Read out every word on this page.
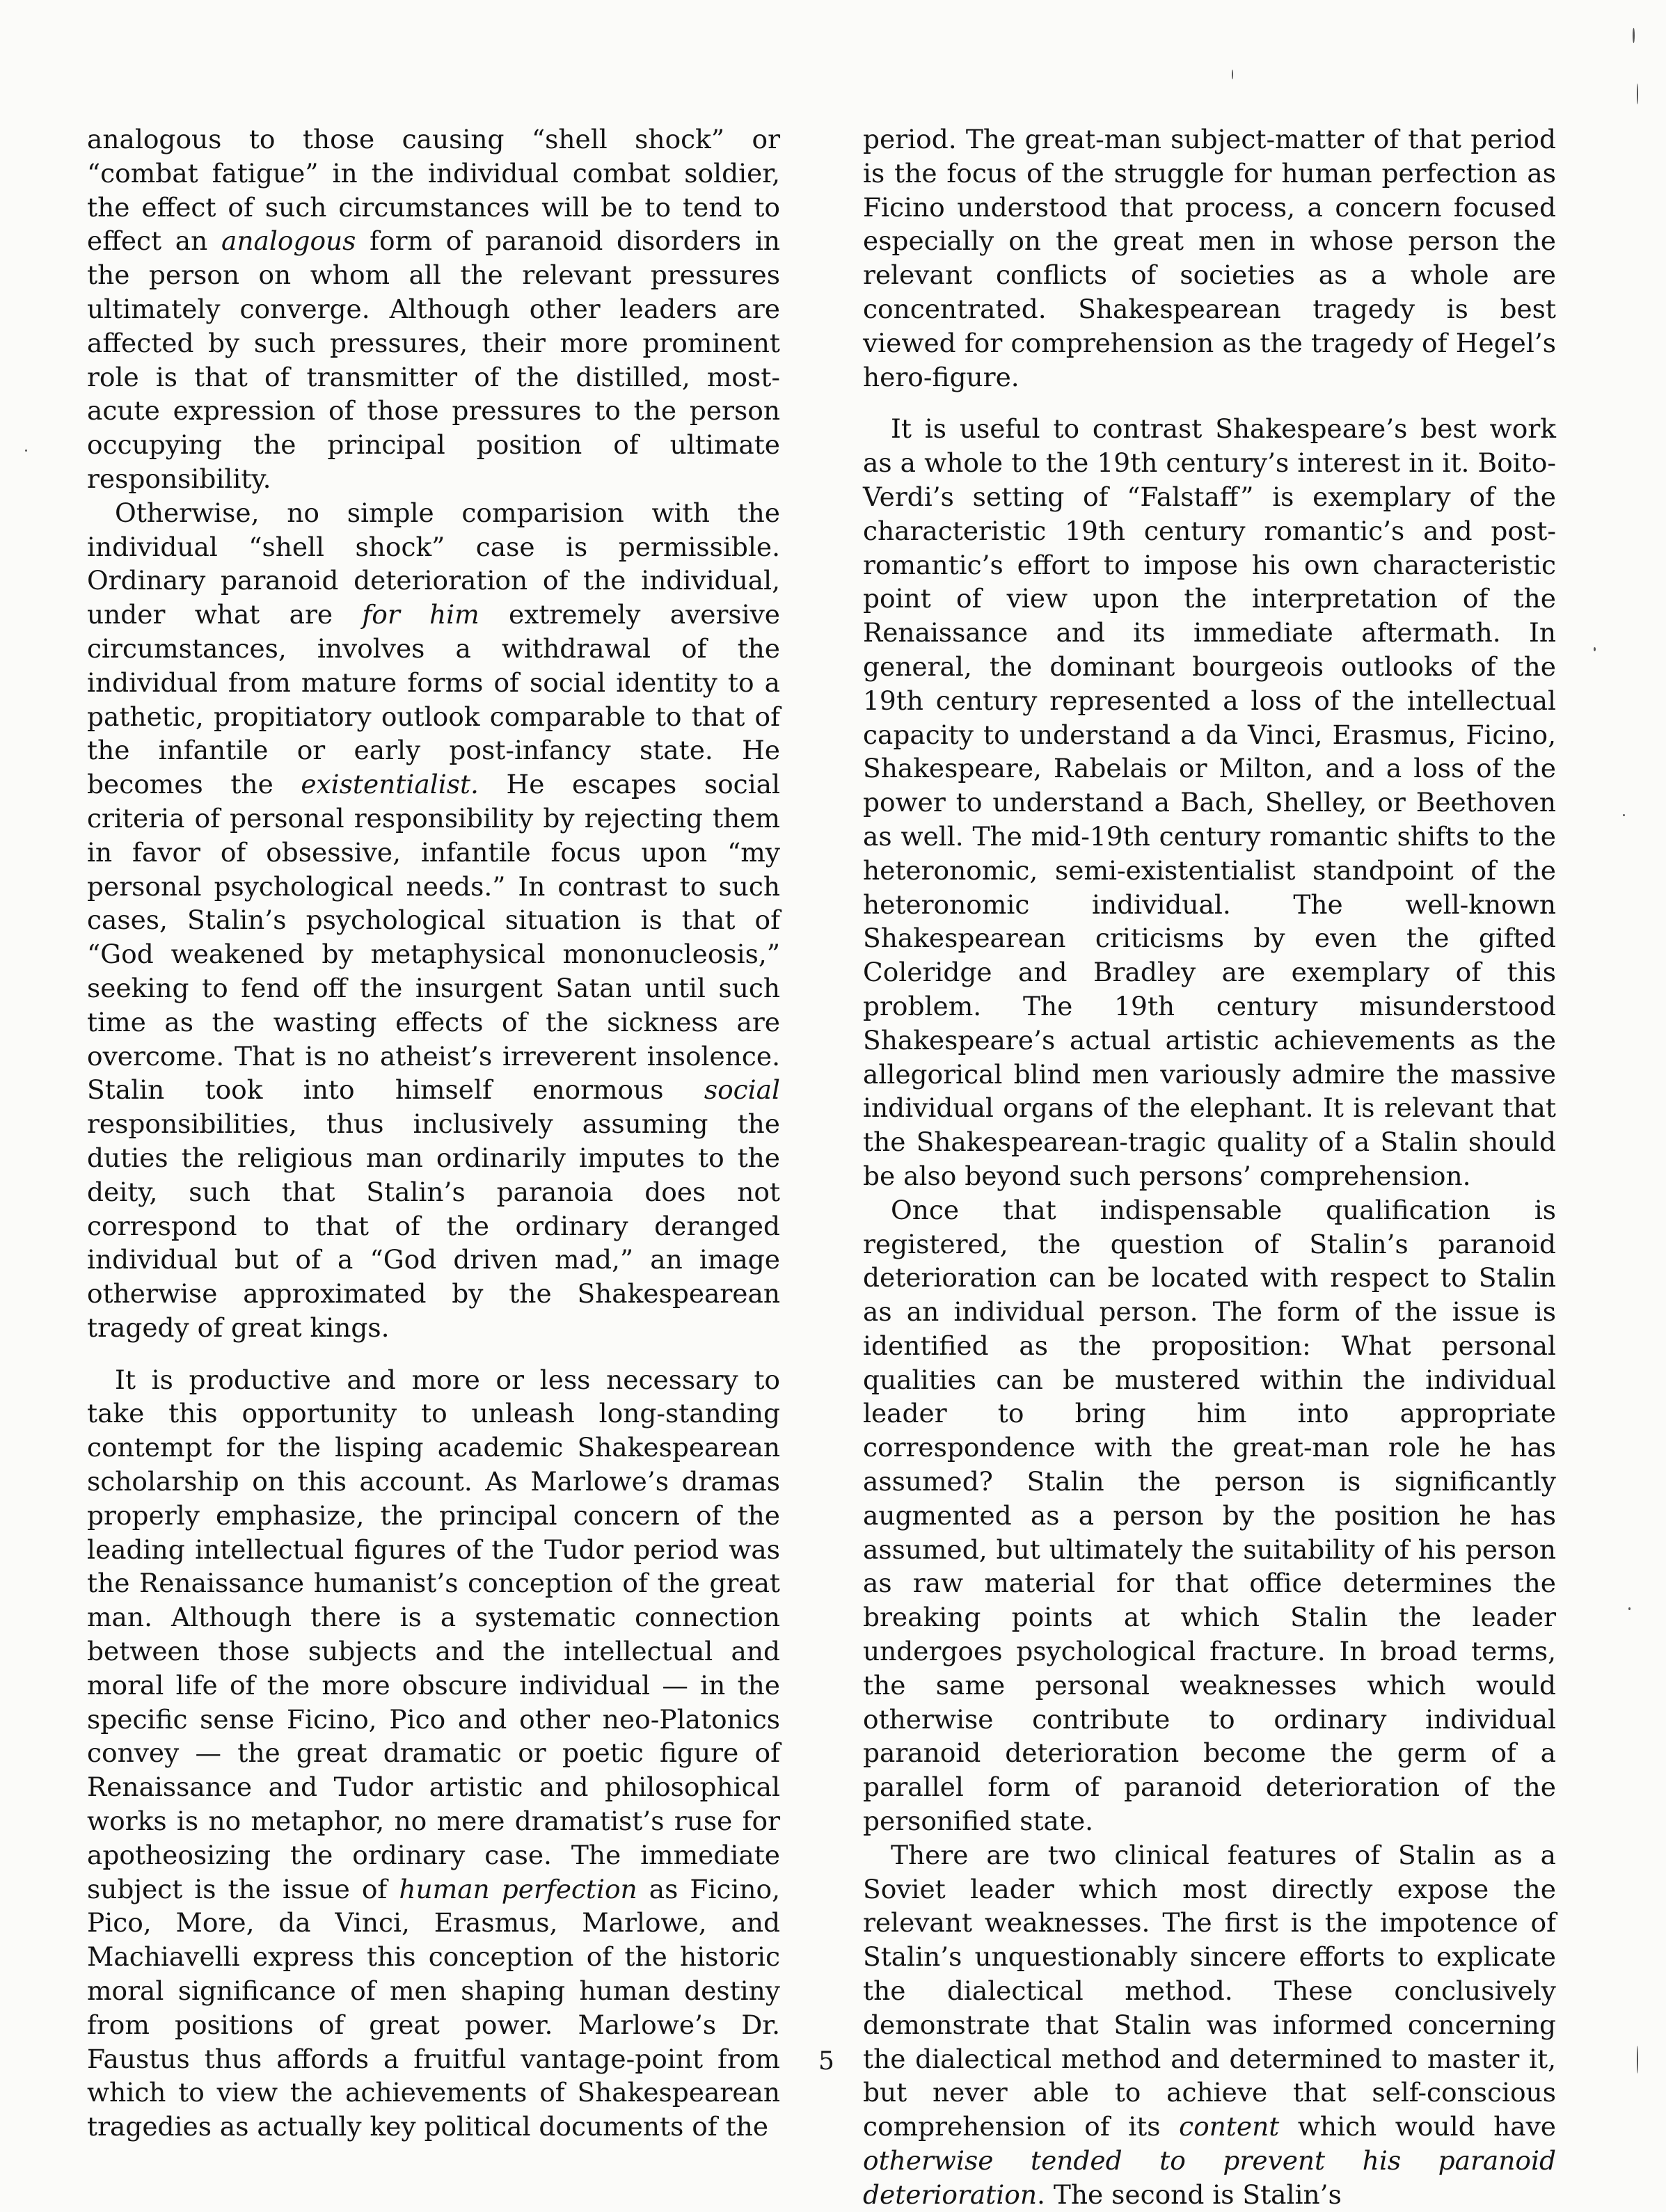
analogous to those causing “shell shock” or “combat fatigue” in the individual combat soldier, the effect of such circumstances will be to tend to effect an analogous form of paranoid disorders in the person on whom all the relevant pressures ultimately converge. Although other leaders are affected by such pressures, their more prominent role is that of transmitter of the distilled, most-acute expression of those pressures to the person occupying the principal position of ultimate responsibility.

Otherwise, no simple comparision with the individual “shell shock” case is permissible. Ordinary paranoid deterioration of the individual, under what are for him extremely aversive circumstances, involves a withdrawal of the individual from mature forms of social identity to a pathetic, propitiatory outlook comparable to that of the infantile or early post-infancy state. He becomes the existentialist. He escapes social criteria of personal responsibility by rejecting them in favor of obsessive, infantile focus upon “my personal psychological needs.” In contrast to such cases, Stalin’s psychological situation is that of “God weakened by metaphysical mononucleosis,” seeking to fend off the insurgent Satan until such time as the wasting effects of the sickness are overcome. That is no atheist’s irreverent insolence. Stalin took into himself enormous social responsibilities, thus inclusively assuming the duties the religious man ordinarily imputes to the deity, such that Stalin’s paranoia does not correspond to that of the ordinary deranged individual but of a “God driven mad,” an image otherwise approximated by the Shakespearean tragedy of great kings.

It is productive and more or less necessary to take this opportunity to unleash long-standing contempt for the lisping academic Shakespearean scholarship on this account. As Marlowe’s dramas properly emphasize, the principal concern of the leading intellectual figures of the Tudor period was the Renaissance humanist’s conception of the great man. Although there is a systematic connection between those subjects and the intellectual and moral life of the more obscure individual — in the specific sense Ficino, Pico and other neo-Platonics convey — the great dramatic or poetic figure of Renaissance and Tudor artistic and philosophical works is no metaphor, no mere dramatist’s ruse for apotheosizing the ordinary case. The immediate subject is the issue of human perfection as Ficino, Pico, More, da Vinci, Erasmus, Marlowe, and Machiavelli express this conception of the historic moral significance of men shaping human destiny from positions of great power. Marlowe’s Dr. Faustus thus affords a fruitful vantage-point from which to view the achievements of Shakespearean tragedies as actually key political documents of the

period. The great-man subject-matter of that period is the focus of the struggle for human perfection as Ficino understood that process, a concern focused especially on the great men in whose person the relevant conflicts of societies as a whole are concentrated. Shakespearean tragedy is best viewed for comprehension as the tragedy of Hegel’s hero-figure.

It is useful to contrast Shakespeare’s best work as a whole to the 19th century’s interest in it. Boito-Verdi’s setting of “Falstaff” is exemplary of the characteristic 19th century romantic’s and post-romantic’s effort to impose his own characteristic point of view upon the interpretation of the Renaissance and its immediate aftermath. In general, the dominant bourgeois outlooks of the 19th century represented a loss of the intellectual capacity to understand a da Vinci, Erasmus, Ficino, Shakespeare, Rabelais or Milton, and a loss of the power to understand a Bach, Shelley, or Beethoven as well. The mid-19th century romantic shifts to the heteronomic, semi-existentialist standpoint of the heteronomic individual. The well-known Shakespearean criticisms by even the gifted Coleridge and Bradley are exemplary of this problem. The 19th century misunderstood Shakespeare’s actual artistic achievements as the allegorical blind men variously admire the massive individual organs of the elephant. It is relevant that the Shakespearean-tragic quality of a Stalin should be also beyond such persons’ comprehension.

Once that indispensable qualification is registered, the question of Stalin’s paranoid deterioration can be located with respect to Stalin as an individual person. The form of the issue is identified as the proposition: What personal qualities can be mustered within the individual leader to bring him into appropriate correspondence with the great-man role he has assumed? Stalin the person is significantly augmented as a person by the position he has assumed, but ultimately the suitability of his person as raw material for that office determines the breaking points at which Stalin the leader undergoes psychological fracture. In broad terms, the same personal weaknesses which would otherwise contribute to ordinary individual paranoid deterioration become the germ of a parallel form of paranoid deterioration of the personified state.

There are two clinical features of Stalin as a Soviet leader which most directly expose the relevant weaknesses. The first is the impotence of Stalin’s unquestionably sincere efforts to explicate the dialectical method. These conclusively demonstrate that Stalin was informed concerning the dialectical method and determined to master it, but never able to achieve that self-conscious comprehension of its content which would have otherwise tended to prevent his paranoid deterioration. The second is Stalin’s

5
